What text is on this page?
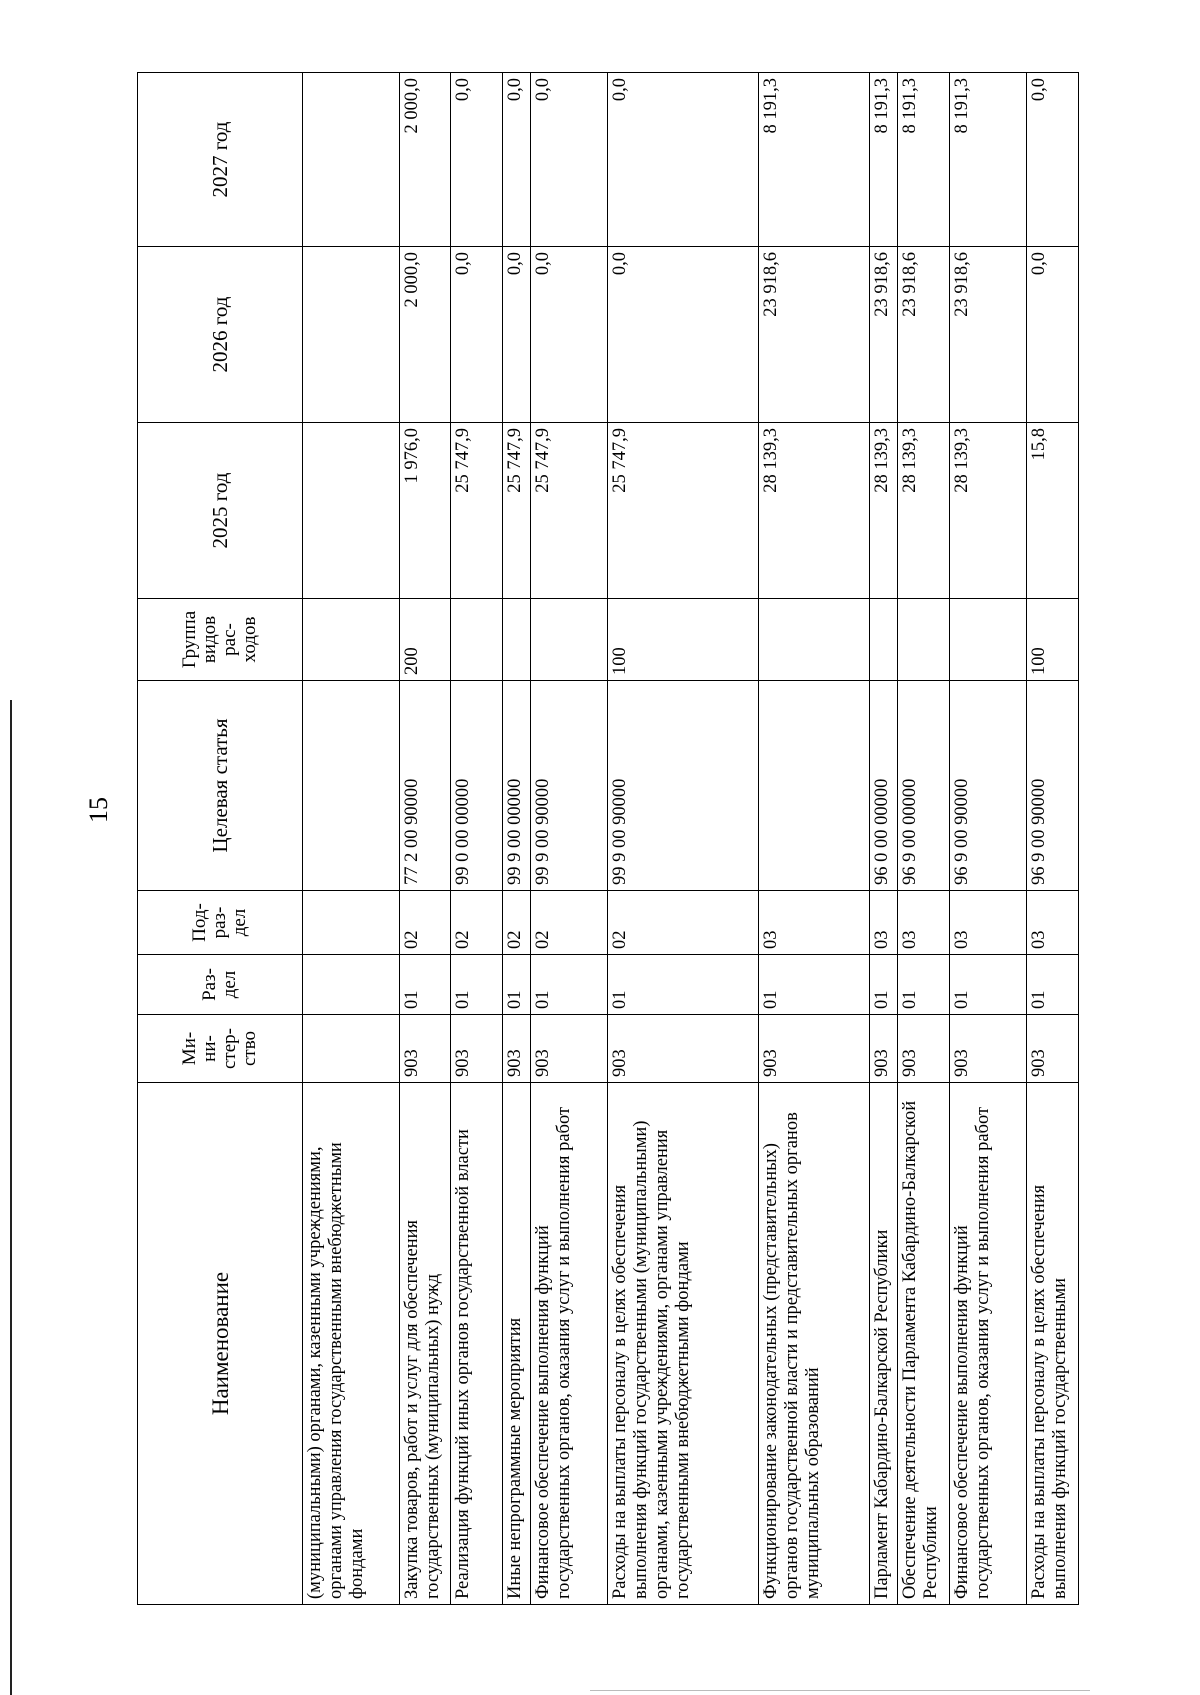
15
Наименование	Ми-
ни-
стер-
ство	Раз-
дел	Под-
раз-
дел	Целевая статья	Группа
видов
рас-
ходов	2025 год	2026 год	2027 год
(муниципальными) органами, казенными учреждениями, органами управления государственными внебюджетными фондами								
Закупка товаров, работ и услуг для обеспечения государственных (муниципальных) нужд	903	01	02	77 2 00 90000	200	1 976,0	2 000,0	2 000,0
Реализация функций иных органов государственной власти	903	01	02	99 0 00 00000		25 747,9	0,0	0,0
Иные непрограммные мероприятия	903	01	02	99 9 00 00000		25 747,9	0,0	0,0
Финансовое обеспечение выполнения функций государственных органов, оказания услуг и выполнения работ	903	01	02	99 9 00 90000		25 747,9	0,0	0,0
Расходы на выплаты персоналу в целях обеспечения выполнения функций государственными (муниципальными) органами, казенными учреждениями, органами управления государственными внебюджетными фондами	903	01	02	99 9 00 90000	100	25 747,9	0,0	0,0
Функционирование законодательных (представительных) органов государственной власти и представительных органов муниципальных образований	903	01	03			28 139,3	23 918,6	8 191,3
Парламент Кабардино-Балкарской Республики	903	01	03	96 0 00 00000		28 139,3	23 918,6	8 191,3
Обеспечение деятельности Парламента Кабардино-Балкарской Республики	903	01	03	96 9 00 00000		28 139,3	23 918,6	8 191,3
Финансовое обеспечение выполнения функций государственных органов, оказания услуг и выполнения работ	903	01	03	96 9 00 90000		28 139,3	23 918,6	8 191,3
Расходы на выплаты персоналу в целях обеспечения выполнения функций государственными	903	01	03	96 9 00 90000	100	15,8	0,0	0,0
